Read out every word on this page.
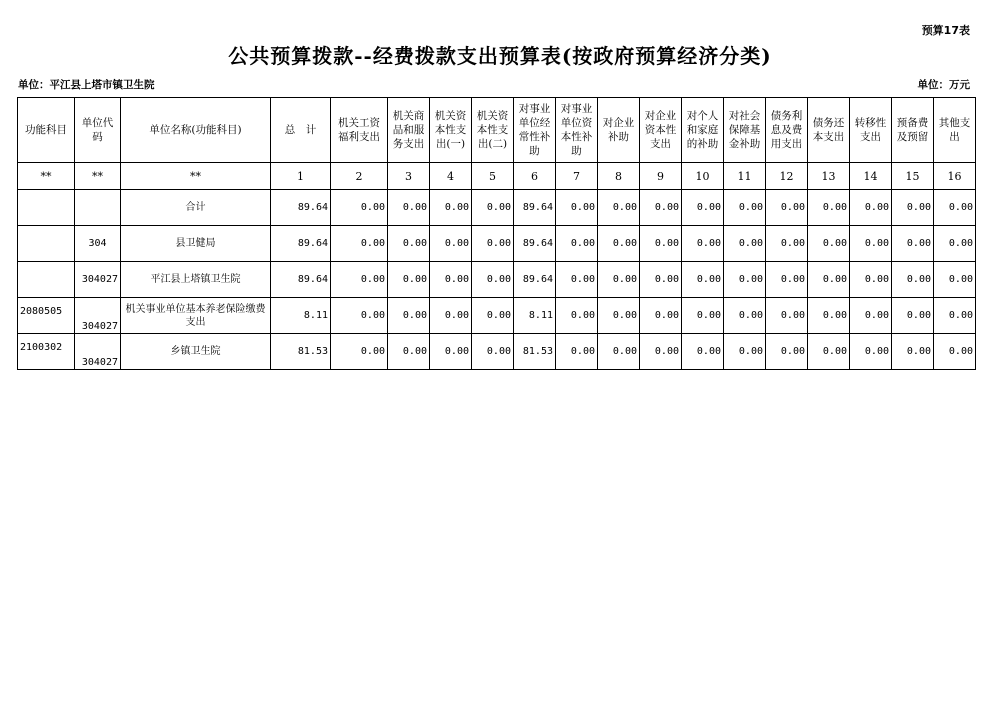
预算17表
公共预算拨款--经费拨款支出预算表(按政府预算经济分类)
单位：平江县上塔市镇卫生院	单位：万元
功能科目	单位代码	单位名称(功能科目)	总　计	机关工资福利支出	机关商品和服务支出	机关资本性支出(一)	机关资本性支出(二)	对事业单位经常性补助	对事业单位资本性补助	对企业补助	对企业资本性支出	对个人和家庭的补助	对社会保障基金补助	债务利息及费用支出	债务还本支出	转移性支出	预备费及预留	其他支出
**	**	**	1	2	3	4	5	6	7	8	9	10	11	12	13	14	15	16
		合计	89.64	0.00	0.00	0.00	0.00	89.64	0.00	0.00	0.00	0.00	0.00	0.00	0.00	0.00	0.00	0.00
	304	县卫健局	89.64	0.00	0.00	0.00	0.00	89.64	0.00	0.00	0.00	0.00	0.00	0.00	0.00	0.00	0.00	0.00
	304027	平江县上塔镇卫生院	89.64	0.00	0.00	0.00	0.00	89.64	0.00	0.00	0.00	0.00	0.00	0.00	0.00	0.00	0.00	0.00
2080505	304027	机关事业单位基本养老保险缴费支出	8.11	0.00	0.00	0.00	0.00	8.11	0.00	0.00	0.00	0.00	0.00	0.00	0.00	0.00	0.00	0.00
2100302	304027	乡镇卫生院	81.53	0.00	0.00	0.00	0.00	81.53	0.00	0.00	0.00	0.00	0.00	0.00	0.00	0.00	0.00	0.00
